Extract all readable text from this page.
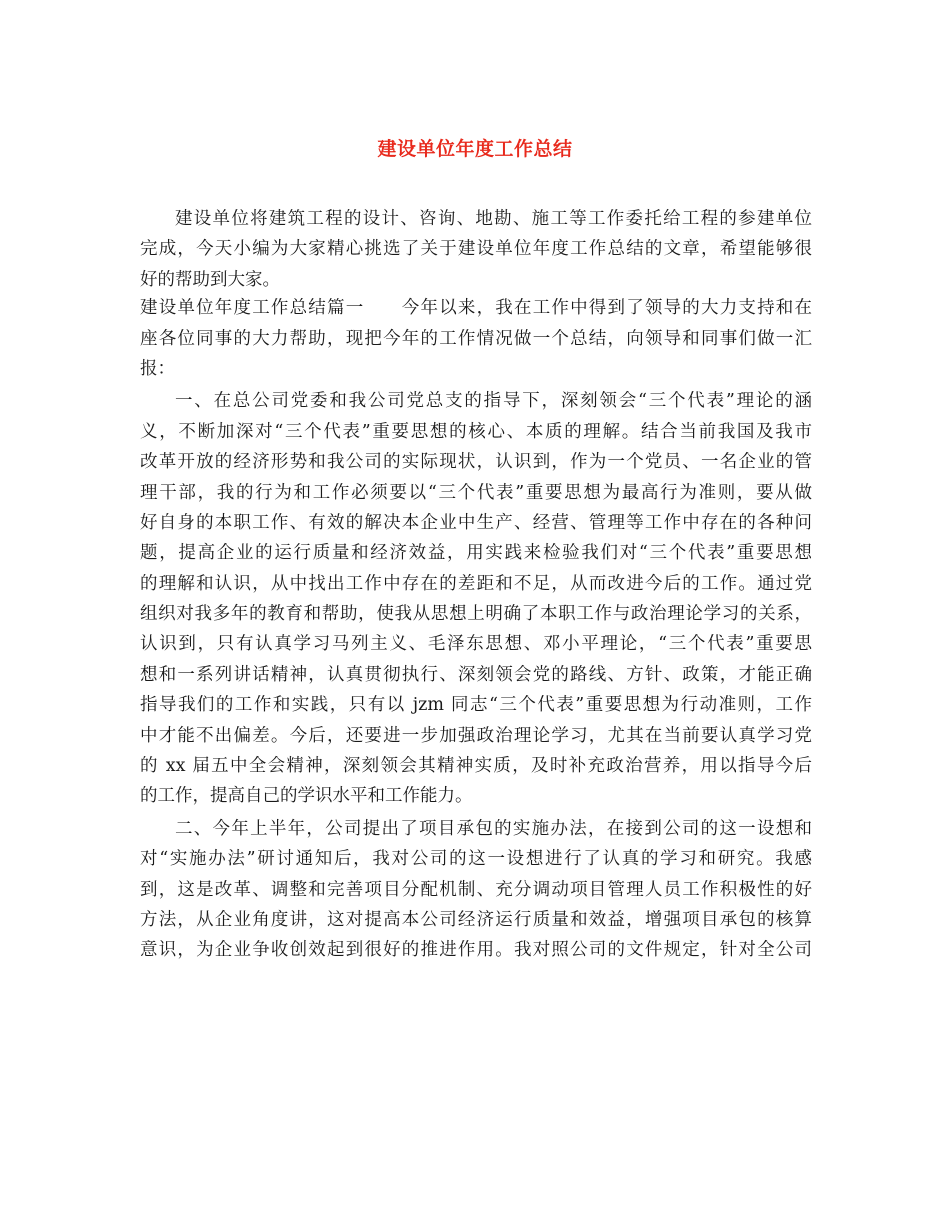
建设单位年度工作总结
建设单位将建筑工程的设计、咨询、地勘、施工等工作委托给工程的参建单位
完成，今天小编为大家精心挑选了关于建设单位年度工作总结的文章，希望能够很
好的帮助到大家。
建设单位年度工作总结篇一　　今年以来，我在工作中得到了领导的大力支持和在
座各位同事的大力帮助，现把今年的工作情况做一个总结，向领导和同事们做一汇
报：
一、在总公司党委和我公司党总支的指导下，深刻领会“三个代表”理论的涵
义，不断加深对“三个代表”重要思想的核心、本质的理解。结合当前我国及我市
改革开放的经济形势和我公司的实际现状，认识到，作为一个党员、一名企业的管
理干部，我的行为和工作必须要以“三个代表”重要思想为最高行为准则，要从做
好自身的本职工作、有效的解决本企业中生产、经营、管理等工作中存在的各种问
题，提高企业的运行质量和经济效益，用实践来检验我们对“三个代表”重要思想
的理解和认识，从中找出工作中存在的差距和不足，从而改进今后的工作。通过党
组织对我多年的教育和帮助，使我从思想上明确了本职工作与政治理论学习的关系，
认识到，只有认真学习马列主义、毛泽东思想、邓小平理论，“三个代表”重要思
想和一系列讲话精神，认真贯彻执行、深刻领会党的路线、方针、政策，才能正确
指导我们的工作和实践，只有以 jzm 同志“三个代表”重要思想为行动准则，工作
中才能不出偏差。今后，还要进一步加强政治理论学习，尤其在当前要认真学习党
的 xx 届五中全会精神，深刻领会其精神实质，及时补充政治营养，用以指导今后
的工作，提高自己的学识水平和工作能力。
二、今年上半年，公司提出了项目承包的实施办法，在接到公司的这一设想和
对“实施办法”研讨通知后，我对公司的这一设想进行了认真的学习和研究。我感
到，这是改革、调整和完善项目分配机制、充分调动项目管理人员工作积极性的好
方法，从企业角度讲，这对提高本公司经济运行质量和效益，增强项目承包的核算
意识，为企业争收创效起到很好的推进作用。我对照公司的文件规定，针对全公司
